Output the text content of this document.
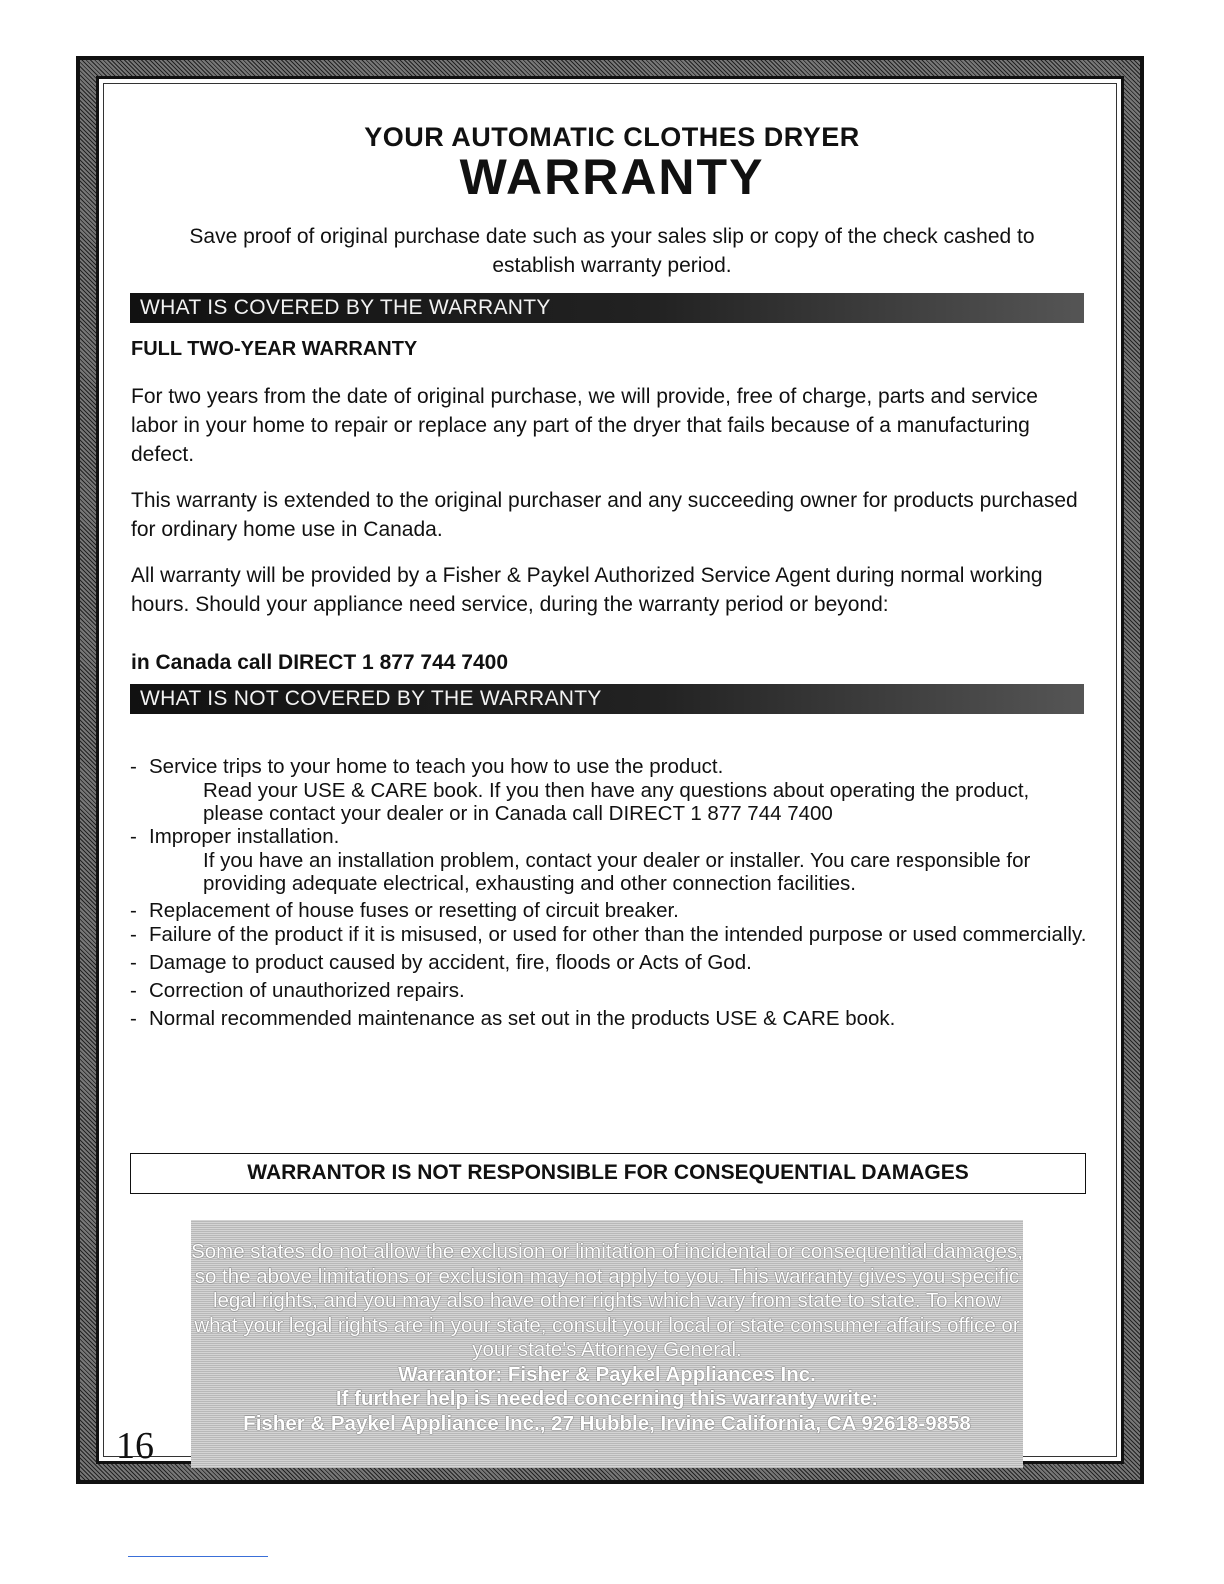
YOUR AUTOMATIC CLOTHES DRYER
WARRANTY
Save proof of original purchase date such as your sales slip or copy of the check cashed to establish warranty period.
WHAT IS COVERED BY THE WARRANTY
FULL TWO-YEAR WARRANTY
For two years from the date of original purchase, we will provide, free of charge, parts and service labor in your home to repair or replace any part of the dryer that fails because of a manufacturing defect.
This warranty is extended to the original purchaser and any succeeding owner for products purchased for ordinary home use in Canada.
All warranty will be provided by a Fisher & Paykel Authorized Service Agent during normal working hours. Should your appliance need service, during the warranty period or beyond:
in Canada call DIRECT 1 877 744 7400
WHAT IS NOT COVERED BY THE WARRANTY

- Service trips to your home to teach you how to use the product.

Read your USE & CARE book. If you then have any questions about operating the product, please contact your dealer or in Canada call DIRECT 1 877 744 7400

- Improper installation.

If you have an installation problem, contact your dealer or installer. You care responsible for providing adequate electrical, exhausting and other connection facilities.

- Replacement of house fuses or resetting of circuit breaker.

- Failure of the product if it is misused, or used for other than the intended purpose or used commercially.

- Damage to product caused by accident, fire, floods or Acts of God.

- Correction of unauthorized repairs.

- Normal recommended maintenance as set out in the products USE & CARE book.

WARRANTOR IS NOT RESPONSIBLE FOR CONSEQUENTIAL DAMAGES

Some states do not allow the exclusion or limitation of incidental or consequential damages, so the above limitations or exclusion may not apply to you. This warranty gives you specific legal rights, and you may also have other rights which vary from state to state. To know what your legal rights are in your state, consult your local or state consumer affairs office or your state's Attorney General.

Warrantor: Fisher & Paykel Appliances Inc.

If further help is needed concerning this warranty write:

Fisher & Paykel Appliance Inc., 27 Hubble, Irvine California, CA 92618-9858

16
